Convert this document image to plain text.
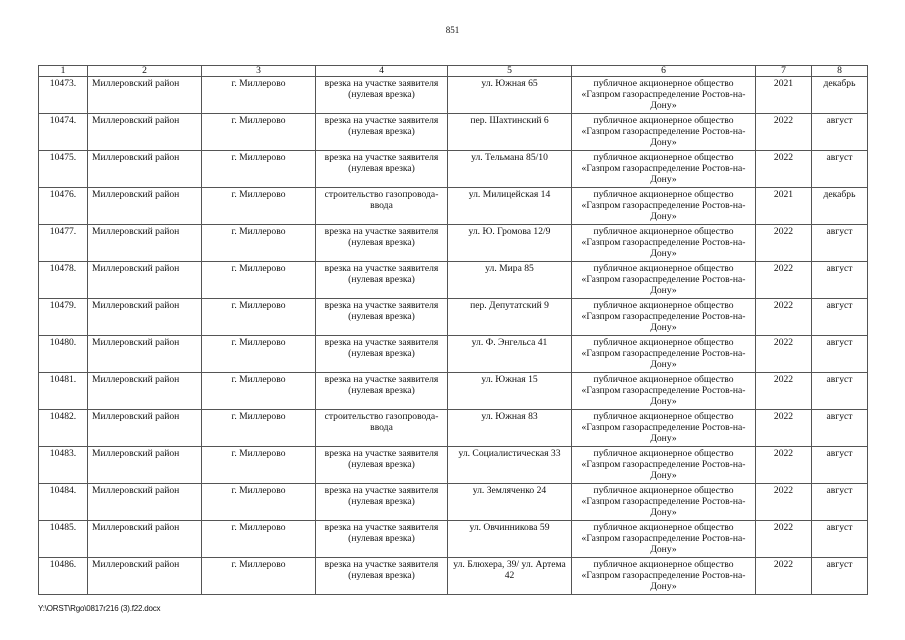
851
1	2	3	4	5	6	7	8
10473.	Миллеровский район	г. Миллерово	врезка на участке заявителя (нулевая врезка)	ул. Южная 65	публичное акционерное общество «Газпром газораспределение Ростов-на-Дону»	2021	декабрь
10474.	Миллеровский район	г. Миллерово	врезка на участке заявителя (нулевая врезка)	пер. Шахтинский 6	публичное акционерное общество «Газпром газораспределение Ростов-на-Дону»	2022	август
10475.	Миллеровский район	г. Миллерово	врезка на участке заявителя (нулевая врезка)	ул. Тельмана 85/10	публичное акционерное общество «Газпром газораспределение Ростов-на-Дону»	2022	август
10476.	Миллеровский район	г. Миллерово	строительство газопровода-ввода	ул. Милицейская 14	публичное акционерное общество «Газпром газораспределение Ростов-на-Дону»	2021	декабрь
10477.	Миллеровский район	г. Миллерово	врезка на участке заявителя (нулевая врезка)	ул. Ю. Громова 12/9	публичное акционерное общество «Газпром газораспределение Ростов-на-Дону»	2022	август
10478.	Миллеровский район	г. Миллерово	врезка на участке заявителя (нулевая врезка)	ул. Мира 85	публичное акционерное общество «Газпром газораспределение Ростов-на-Дону»	2022	август
10479.	Миллеровский район	г. Миллерово	врезка на участке заявителя (нулевая врезка)	пер. Депутатский 9	публичное акционерное общество «Газпром газораспределение Ростов-на-Дону»	2022	август
10480.	Миллеровский район	г. Миллерово	врезка на участке заявителя (нулевая врезка)	ул. Ф. Энгельса 41	публичное акционерное общество «Газпром газораспределение Ростов-на-Дону»	2022	август
10481.	Миллеровский район	г. Миллерово	врезка на участке заявителя (нулевая врезка)	ул. Южная 15	публичное акционерное общество «Газпром газораспределение Ростов-на-Дону»	2022	август
10482.	Миллеровский район	г. Миллерово	строительство газопровода-ввода	ул. Южная 83	публичное акционерное общество «Газпром газораспределение Ростов-на-Дону»	2022	август
10483.	Миллеровский район	г. Миллерово	врезка на участке заявителя (нулевая врезка)	ул. Социалистическая 33	публичное акционерное общество «Газпром газораспределение Ростов-на-Дону»	2022	август
10484.	Миллеровский район	г. Миллерово	врезка на участке заявителя (нулевая врезка)	ул. Земляченко 24	публичное акционерное общество «Газпром газораспределение Ростов-на-Дону»	2022	август
10485.	Миллеровский район	г. Миллерово	врезка на участке заявителя (нулевая врезка)	ул. Овчинникова 59	публичное акционерное общество «Газпром газораспределение Ростов-на-Дону»	2022	август
10486.	Миллеровский район	г. Миллерово	врезка на участке заявителя (нулевая врезка)	ул. Блюхера, 39/ ул. Артема 42	публичное акционерное общество «Газпром газораспределение Ростов-на-Дону»	2022	август
Y:\ORST\Rgo\0817r216 (3).f22.docx
